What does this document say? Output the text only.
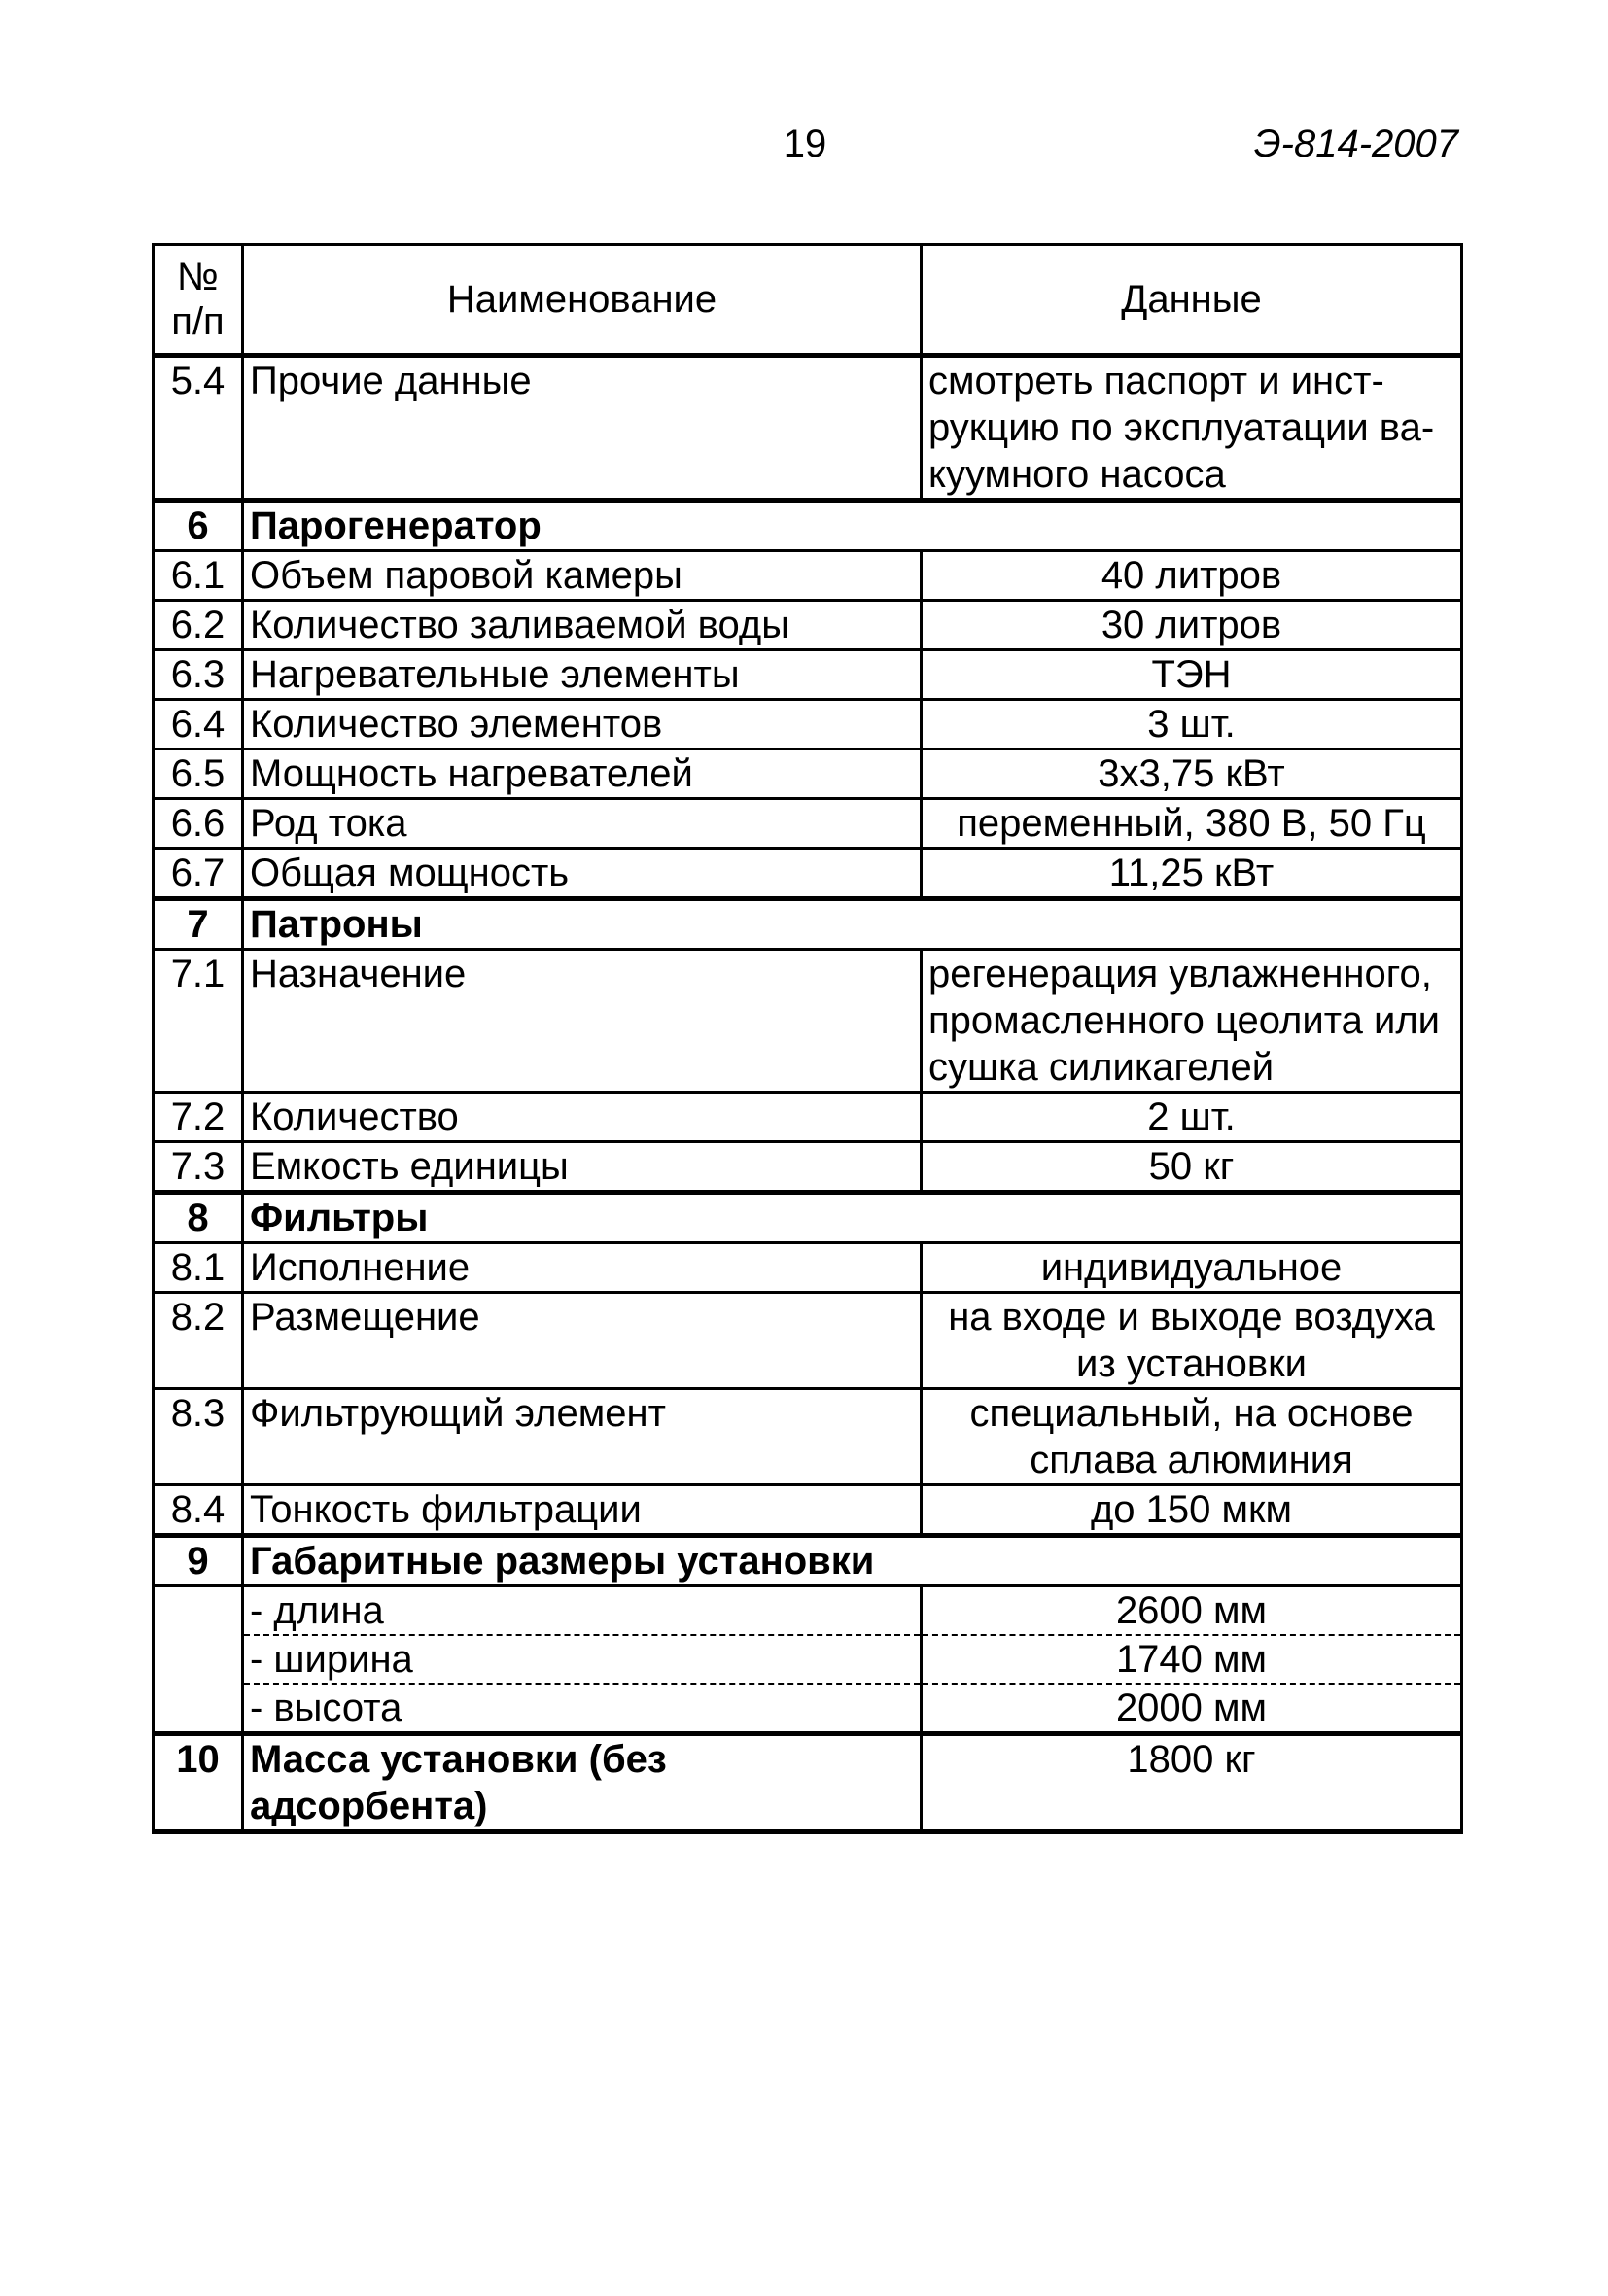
19	Э-814-2007
№ п/п	Наименование	Данные
5.4	Прочие данные	смотреть паспорт и инст-рукцию по эксплуатации ва-куумного насоса
6	Парогенератор	
6.1	Объем паровой камеры	40 литров
6.2	Количество заливаемой воды	30 литров
6.3	Нагревательные элементы	ТЭН
6.4	Количество элементов	3 шт.
6.5	Мощность нагревателей	3х3,75 кВт
6.6	Род тока	переменный, 380 В, 50 Гц
6.7	Общая мощность	11,25 кВт
7	Патроны	
7.1	Назначение	регенерация увлажненного, промасленного цеолита или сушка силикагелей
7.2	Количество	2 шт.
7.3	Емкость единицы	50 кг
8	Фильтры	
8.1	Исполнение	индивидуальное
8.2	Размещение	на входе и выходе воздуха из установки
8.3	Фильтрующий элемент	специальный, на основе сплава алюминия
8.4	Тонкость фильтрации	до 150 мкм
9	Габаритные размеры установки	
	- длина	2600 мм
	- ширина	1740 мм
	- высота	2000 мм
10	Масса установки (без адсорбента)	1800 кг
